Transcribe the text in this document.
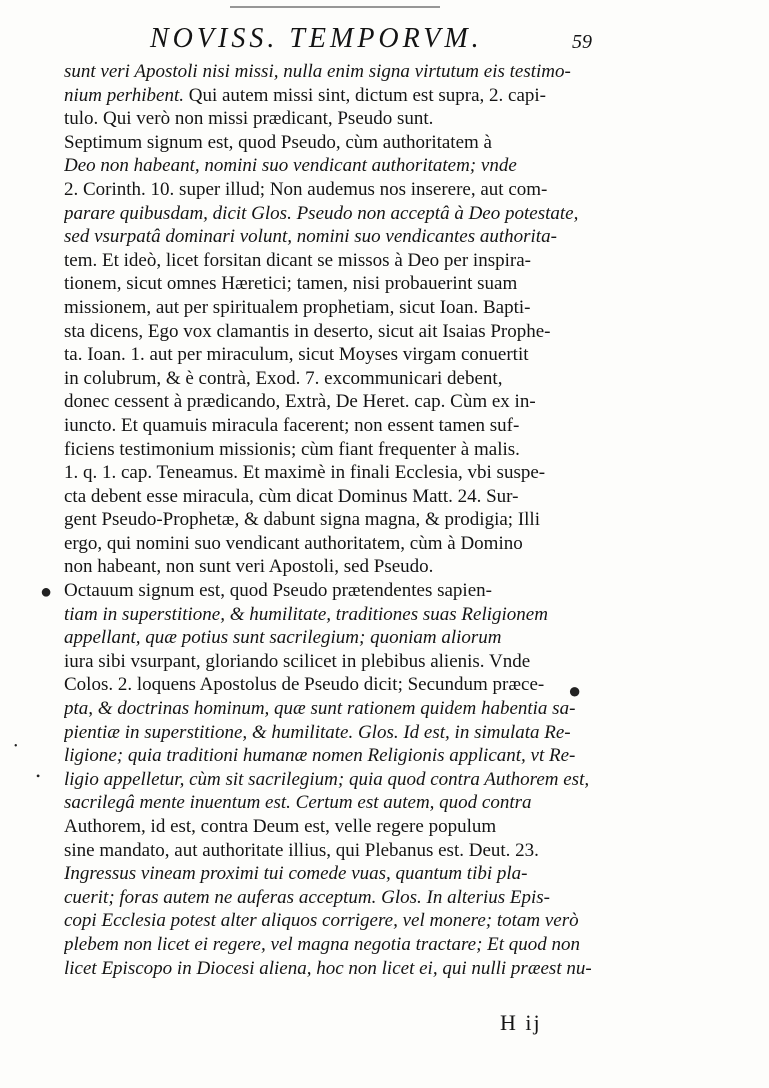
NOVISS. TEMPORVM.	59
sunt veri Apostoli nisi missi, nulla enim signa virtutum eis testimo-
nium perhibent. Qui autem missi sint, dictum est supra, 2. capi-
tulo. Qui verò non missi prædicant, Pseudo sunt.
Septimum signum est, quod Pseudo, cùm authoritatem à
Deo non habeant, nomini suo vendicant authoritatem; vnde
2. Corinth. 10. super illud; Non audemus nos inserere, aut com-
parare quibusdam, dicit Glos. Pseudo non acceptâ à Deo potestate,
sed vsurpatâ dominari volunt, nomini suo vendicantes authorita-
tem. Et ideò, licet forsitan dicant se missos à Deo per inspira-
tionem, sicut omnes Hæretici; tamen, nisi probauerint suam
missionem, aut per spiritualem prophetiam, sicut Ioan. Bapti-
sta dicens, Ego vox clamantis in deserto, sicut ait Isaias Prophe-
ta. Ioan. 1. aut per miraculum, sicut Moyses virgam conuertit
in colubrum, & è contrà, Exod. 7. excommunicari debent,
donec cessent à prædicando, Extrà, De Heret. cap. Cùm ex in-
iuncto. Et quamuis miracula facerent; non essent tamen suf-
ficiens testimonium missionis; cùm fiant frequenter à malis.
1. q. 1. cap. Teneamus. Et maximè in finali Ecclesia, vbi suspe-
cta debent esse miracula, cùm dicat Dominus Matt. 24. Sur-
gent Pseudo-Prophetæ, & dabunt signa magna, & prodigia; Illi
ergo, qui nomini suo vendicant authoritatem, cùm à Domino
non habeant, non sunt veri Apostoli, sed Pseudo.
Octauum signum est, quod Pseudo prætendentes sapien-
tiam in superstitione, & humilitate, traditiones suas Religionem
appellant, quæ potius sunt sacrilegium; quoniam aliorum
iura sibi vsurpant, gloriando scilicet in plebibus alienis. Vnde
Colos. 2. loquens Apostolus de Pseudo dicit; Secundum præce-
pta, & doctrinas hominum, quæ sunt rationem quidem habentia sa-
pientiæ in superstitione, & humilitate. Glos. Id est, in simulata Re-
ligione; quia traditioni humanæ nomen Religionis applicant, vt Re-
ligio appelletur, cùm sit sacrilegium; quia quod contra Authorem est,
sacrilegâ mente inuentum est. Certum est autem, quod contra
Authorem, id est, contra Deum est, velle regere populum
sine mandato, aut authoritate illius, qui Plebanus est. Deut. 23.
Ingressus vineam proximi tui comede vuas, quantum tibi pla-
cuerit; foras autem ne auferas acceptum. Glos. In alterius Epis-
copi Ecclesia potest alter aliquos corrigere, vel monere; totam verò
plebem non licet ei regere, vel magna negotia tractare; Et quod non
licet Episcopo in Diocesi aliena, hoc non licet ei, qui nulli præest nu-
H ij
●
●
•
•
